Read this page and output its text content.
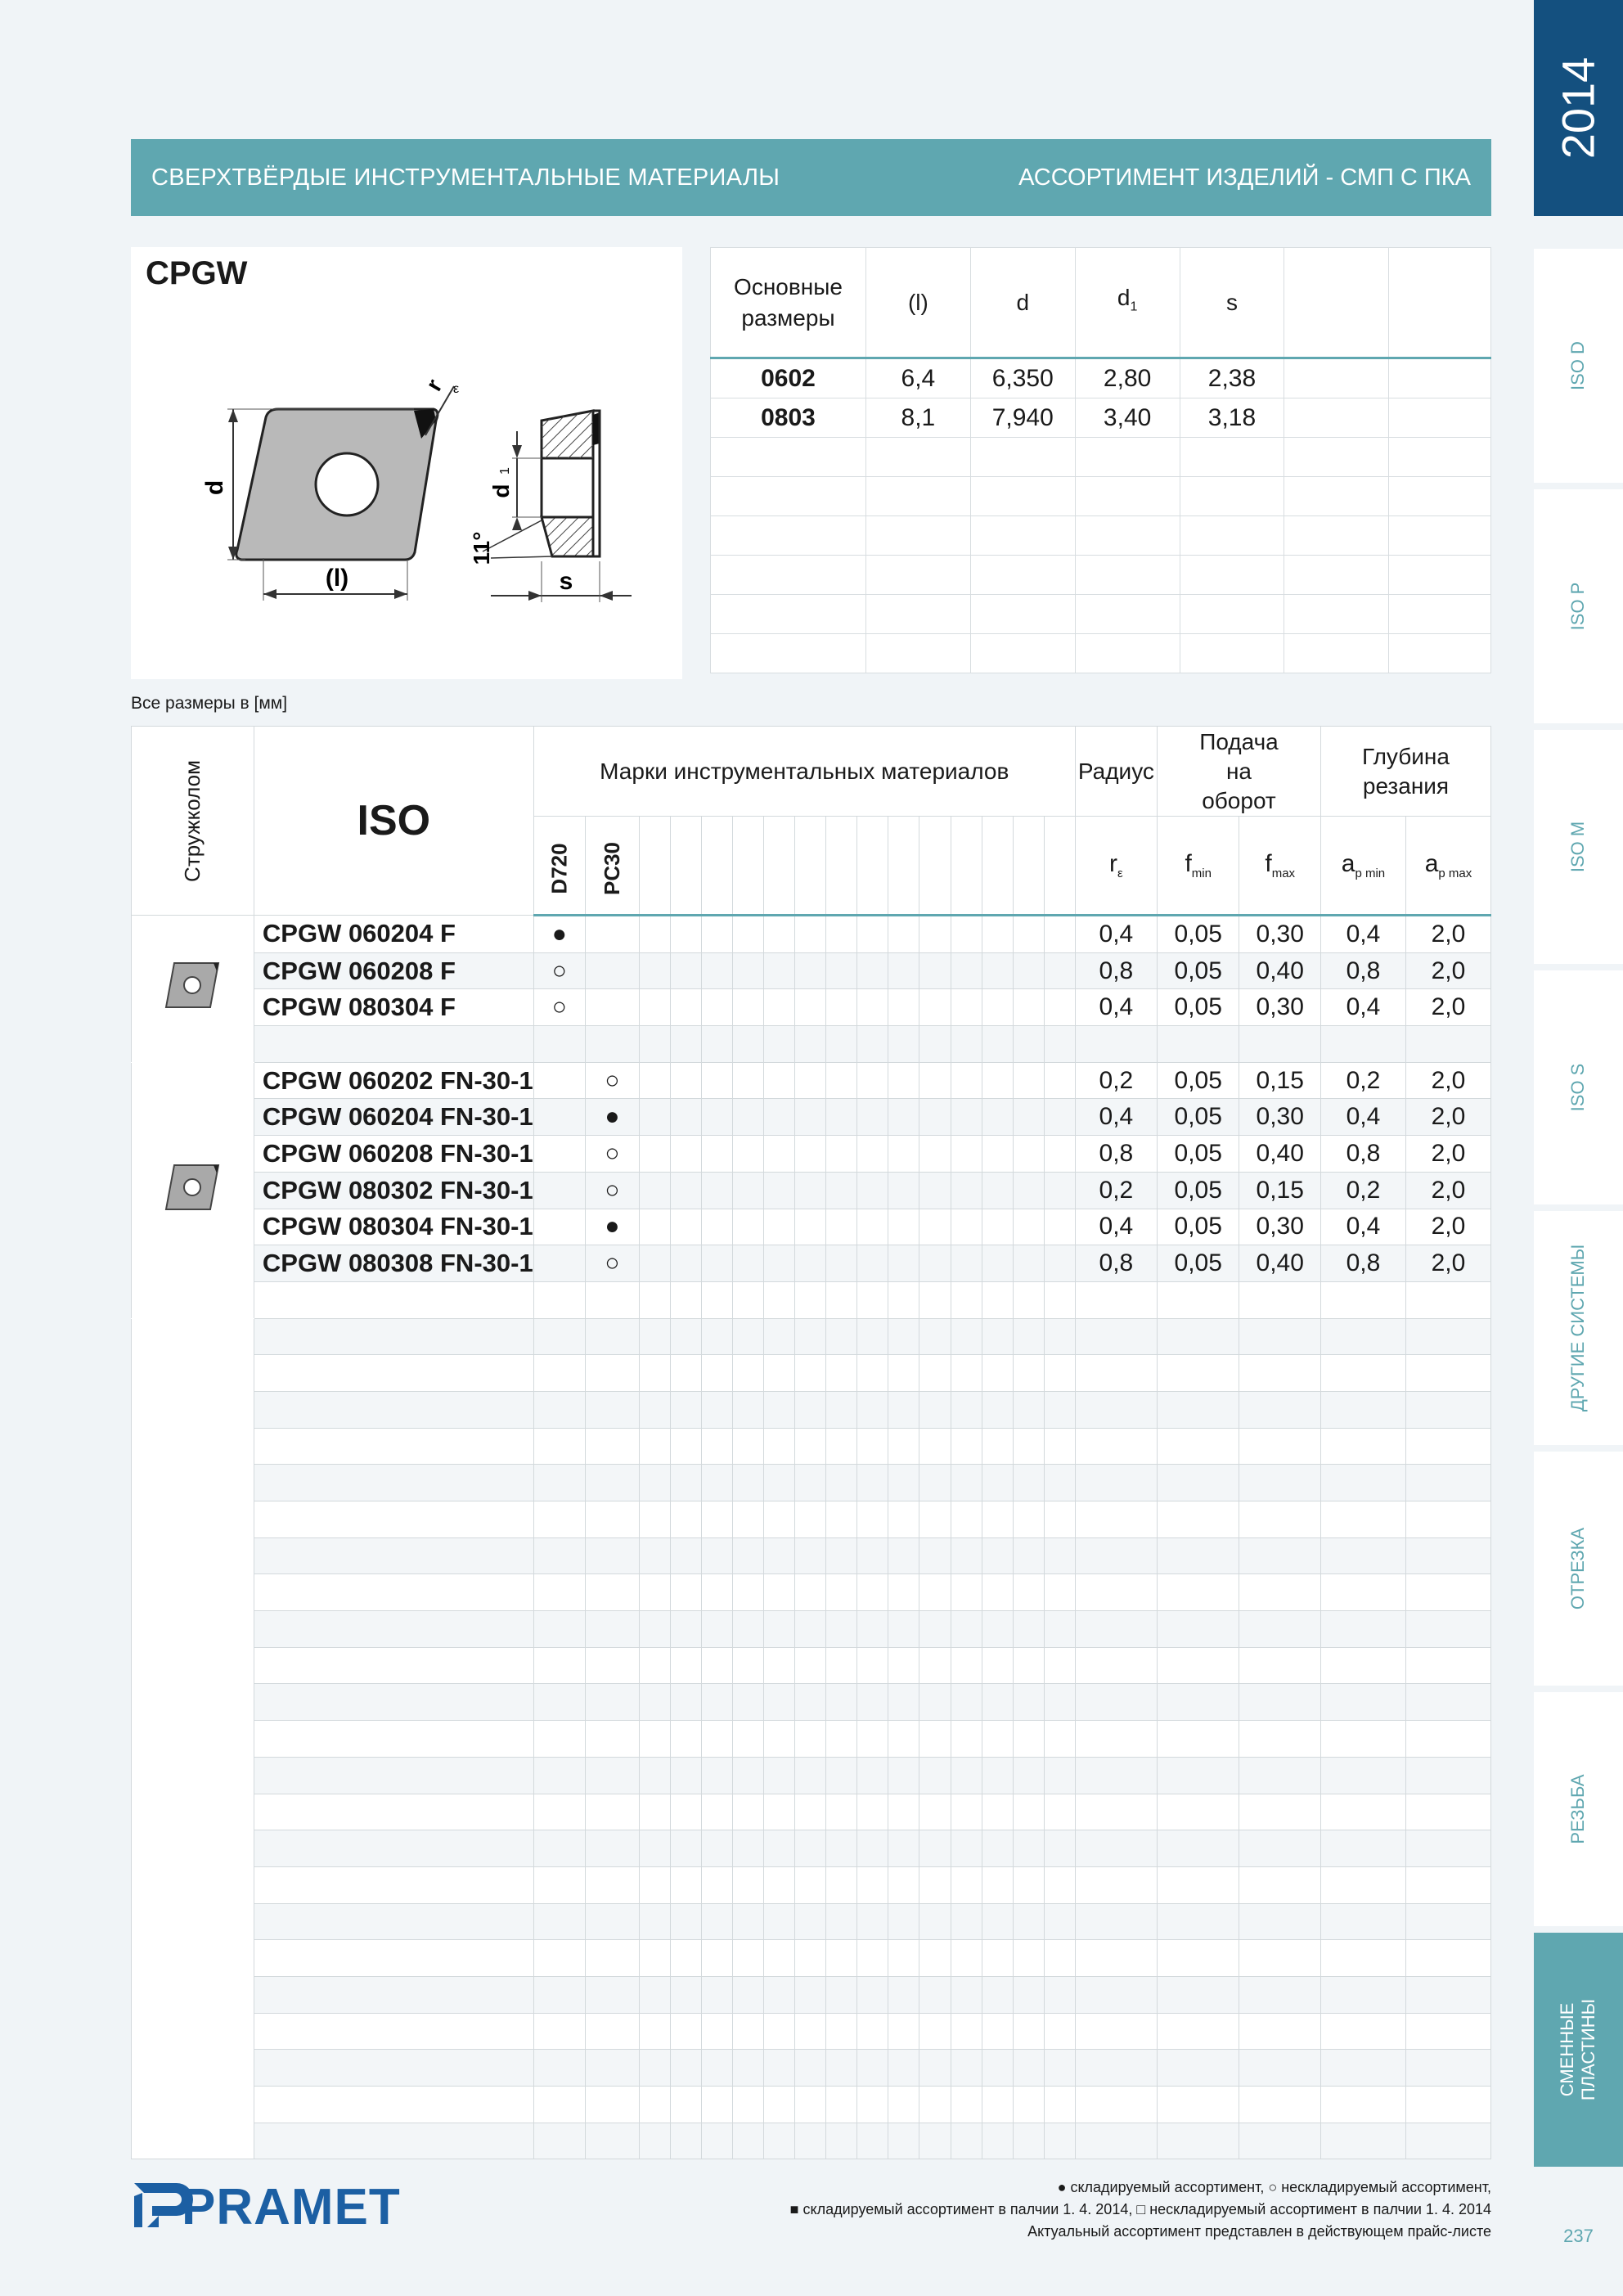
СВЕРХТВЁРДЫЕ ИНСТРУМЕНТАЛЬНЫЕ МАТЕРИАЛЫ	АССОРТИМЕНТ ИЗДЕЛИЙ - СМП С ПКА
2014
ISO D
ISO P
ISO M
ISO S
ДРУГИЕ СИСТЕМЫ
ОТРЕЗКА
РЕЗЬБА
СМЕННЫЕ ПЛАСТИНЫ
237
CPGW
d
(l)
r ε
d
1
11°
s
Основные размеры	(l)	d	$d_1$	s		
0602	6,4	6,350	2,80	2,38		
0803	8,1	7,940	3,40	3,18		

Все размеры в [мм]
Стружколом	ISO	Марки инструментальных материалов																Радиус	Подача на оборот		Глубина резания	
		D720	PC30															$r_\varepsilon$	$f_{min}$	$f_{max}$	$a_{p min}$	$a_{p max}$
	CPGW 060204 F	●																0,4	0,05	0,30	0,4	2,0
	CPGW 060208 F	○																0,8	0,05	0,40	0,8	2,0
	CPGW 080304 F	○																0,4	0,05	0,30	0,4	2,0

	CPGW 060202 FN-30-1		○															0,2	0,05	0,15	0,2	2,0
	CPGW 060204 FN-30-1		●															0,4	0,05	0,30	0,4	2,0
	CPGW 060208 FN-30-1		○															0,8	0,05	0,40	0,8	2,0
	CPGW 080302 FN-30-1		○															0,2	0,05	0,15	0,2	2,0
	CPGW 080304 FN-30-1		●															0,4	0,05	0,30	0,4	2,0
	CPGW 080308 FN-30-1		○															0,8	0,05	0,40	0,8	2,0

PRAMET	● складируемый ассортимент, ○ нескладируемый ассортимент,
■ складируемый ассортимент в палчии 1. 4. 2014, □ нескладируемый ассортимент в палчии 1. 4. 2014
Актуальный ассортимент представлен в действующем прайс-листе
